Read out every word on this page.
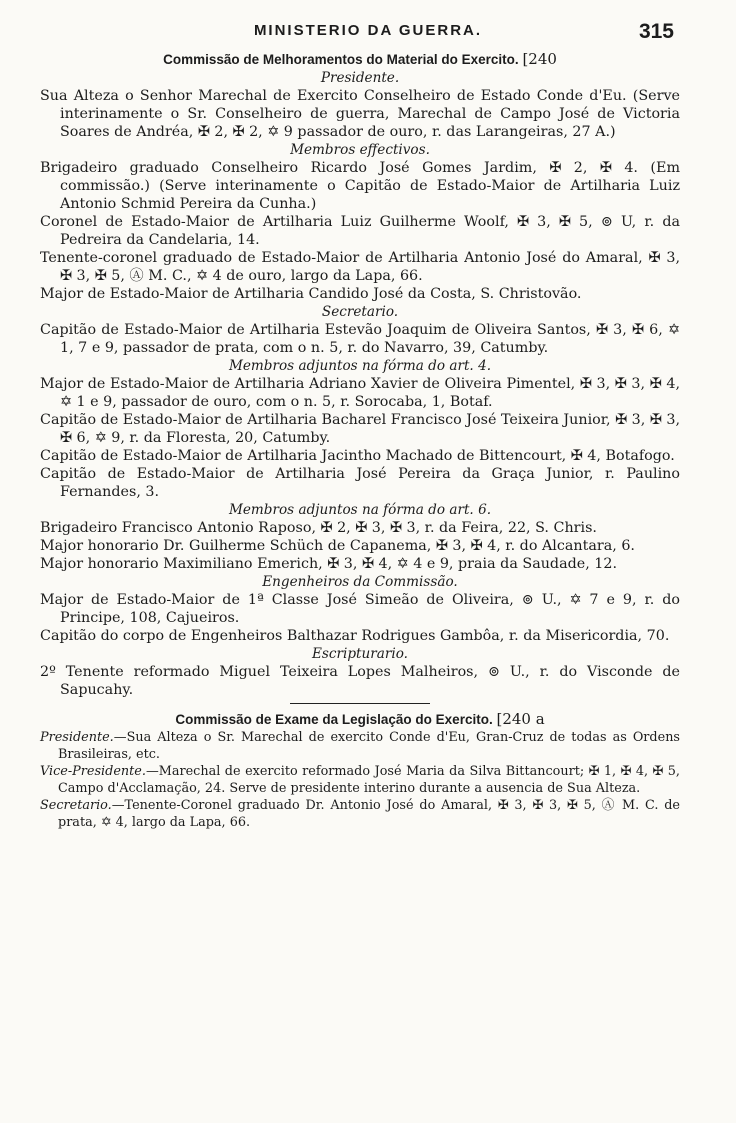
MINISTERIO DA GUERRA.	315

Commissão de Melhoramentos do Material do Exercito. [240

Presidente.

Sua Alteza o Senhor Marechal de Exercito Conselheiro de Estado Conde d'Eu. (Serve interinamente o Sr. Conselheiro de guerra, Marechal de Campo José de Victoria Soares de Andréa, ✠ 2, ✠ 2, ✡ 9 passador de ouro, r. das Larangeiras, 27 A.)

Membros effectivos.

Brigadeiro graduado Conselheiro Ricardo José Gomes Jardim, ✠ 2, ✠ 4. (Em commissão.) (Serve interinamente o Capitão de Estado-Maior de Artilharia Luiz Antonio Schmid Pereira da Cunha.)

Coronel de Estado-Maior de Artilharia Luiz Guilherme Woolf, ✠ 3, ✠ 5, ⊚ U, r. da Pedreira da Candelaria, 14.

Tenente-coronel graduado de Estado-Maior de Artilharia Antonio José do Amaral, ✠ 3, ✠ 3, ✠ 5, Ⓐ M. C., ✡ 4 de ouro, largo da Lapa, 66.

Major de Estado-Maior de Artilharia Candido José da Costa, S. Christovão.

Secretario.

Capitão de Estado-Maior de Artilharia Estevão Joaquim de Oliveira Santos, ✠ 3, ✠ 6, ✡ 1, 7 e 9, passador de prata, com o n. 5, r. do Navarro, 39, Catumby.

Membros adjuntos na fórma do art. 4.

Major de Estado-Maior de Artilharia Adriano Xavier de Oliveira Pimentel, ✠ 3, ✠ 3, ✠ 4, ✡ 1 e 9, passador de ouro, com o n. 5, r. Sorocaba, 1, Botaf.

Capitão de Estado-Maior de Artilharia Bacharel Francisco José Teixeira Junior, ✠ 3, ✠ 3, ✠ 6, ✡ 9, r. da Floresta, 20, Catumby.

Capitão de Estado-Maior de Artilharia Jacintho Machado de Bittencourt, ✠ 4, Botafogo.

Capitão de Estado-Maior de Artilharia José Pereira da Graça Junior, r. Paulino Fernandes, 3.

Membros adjuntos na fórma do art. 6.

Brigadeiro Francisco Antonio Raposo, ✠ 2, ✠ 3, ✠ 3, r. da Feira, 22, S. Chris.

Major honorario Dr. Guilherme Schüch de Capanema, ✠ 3, ✠ 4, r. do Alcantara, 6.

Major honorario Maximiliano Emerich, ✠ 3, ✠ 4, ✡ 4 e 9, praia da Saudade, 12.

Engenheiros da Commissão.

Major de Estado-Maior de 1ª Classe José Simeão de Oliveira, ⊚ U., ✡ 7 e 9, r. do Principe, 108, Cajueiros.

Capitão do corpo de Engenheiros Balthazar Rodrigues Gambôa, r. da Misericordia, 70.

Escripturario.

2º Tenente reformado Miguel Teixeira Lopes Malheiros, ⊚ U., r. do Visconde de Sapucahy.

Commissão de Exame da Legislação do Exercito. [240 a

Presidente.—Sua Alteza o Sr. Marechal de exercito Conde d'Eu, Gran-Cruz de todas as Ordens Brasileiras, etc.

Vice-Presidente.—Marechal de exercito reformado José Maria da Silva Bittancourt; ✠ 1, ✠ 4, ✠ 5, Campo d'Acclamação, 24. Serve de presidente interino durante a ausencia de Sua Alteza.

Secretario.—Tenente-Coronel graduado Dr. Antonio José do Amaral, ✠ 3, ✠ 3, ✠ 5, Ⓐ M. C. de prata, ✡ 4, largo da Lapa, 66.
